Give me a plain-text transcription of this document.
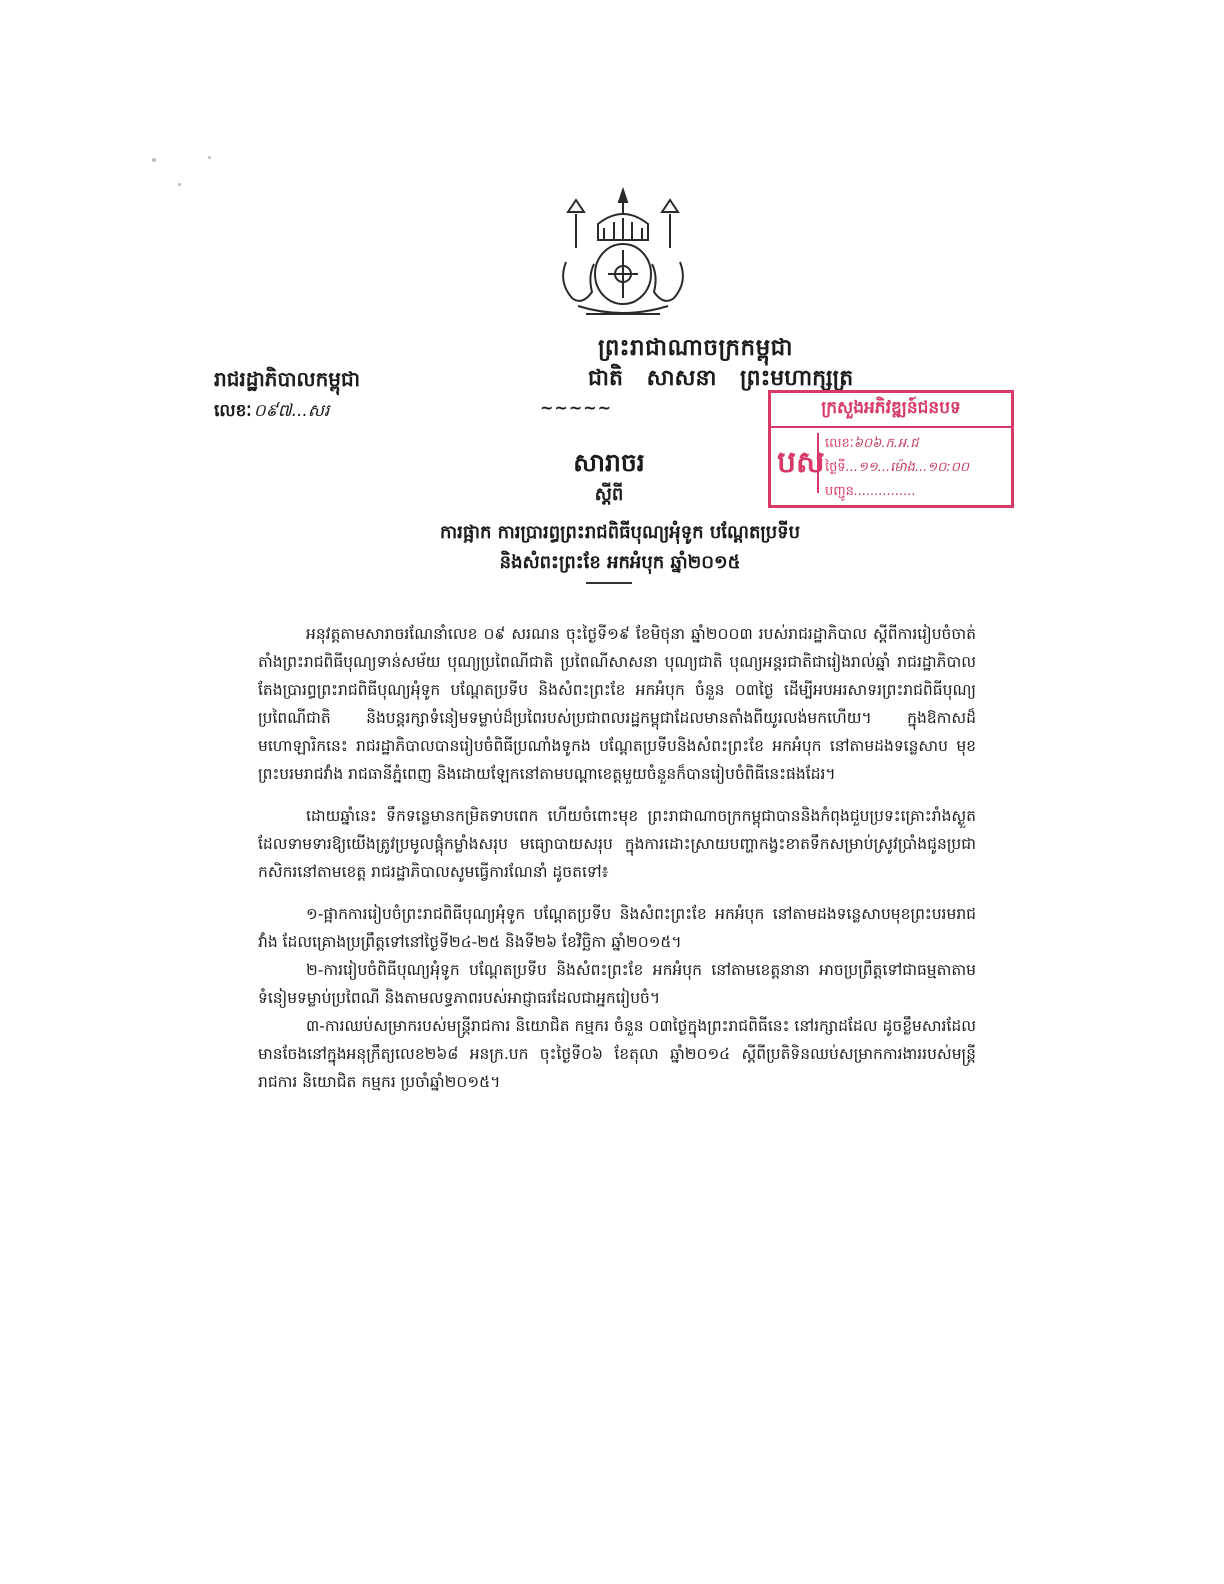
ព្រះរាជាណាចក្រកម្ពុជា
ជាតិ សាសនា ព្រះមហាក្សត្រ
~~~~~
រាជរដ្ឋាភិបាលកម្ពុជា
លេខៈ ០៩៧...សរ	ក្រសួងអភិវឌ្ឍន៍ជនបទ
បស
លេខៈ៦០៦.ក.អ.ជ
ថ្ងៃទី...១១...ម៉ោង...១០:០០
បញ្ជូន...............
សារាចរ
ស្ដីពី
ការផ្អាក ការប្រារព្ធព្រះរាជពិធីបុណ្យអុំទូក បណ្ដែតប្រទីប
និងសំពះព្រះខែ អកអំបុក ឆ្នាំ២០១៥

អនុវត្តតាមសារាចរណែនាំលេខ ០៩ សរណន ចុះថ្ងៃទី១៩ ខែមិថុនា ឆ្នាំ២០០៣ របស់រាជរដ្ឋាភិបាល ស្ដីពីការរៀបចំចាត់តាំងព្រះរាជពិធីបុណ្យទាន់សម័យ បុណ្យប្រពៃណីជាតិ ប្រពៃណីសាសនា បុណ្យជាតិ បុណ្យអន្តរជាតិជារៀងរាល់ឆ្នាំ រាជរដ្ឋាភិបាលតែងប្រារព្ធព្រះរាជពិធីបុណ្យអុំទូក បណ្ដែតប្រទីប និងសំពះព្រះខែ អកអំបុក ចំនួន ០៣ថ្ងៃ ដើម្បីអបអរសាទរព្រះរាជពិធីបុណ្យប្រពៃណីជាតិ និងបន្តរក្សាទំនៀមទម្លាប់ដ៏ប្រពៃរបស់ប្រជាពលរដ្ឋកម្ពុជាដែលមានតាំងពីយូរលង់មកហើយ។ ក្នុងឱកាសដ៏មហោឡារិកនេះ រាជរដ្ឋាភិបាលបានរៀបចំពិធីប្រណាំងទូកង បណ្ដែតប្រទីបនិងសំពះព្រះខែ អកអំបុក នៅតាមដងទន្លេសាប មុខព្រះបរមរាជវាំង រាជធានីភ្នំពេញ និងដោយឡែកនៅតាមបណ្ដាខេត្តមួយចំនួនក៏បានរៀបចំពិធីនេះផងដែរ។

ដោយឆ្នាំនេះ ទឹកទន្លេមានកម្រិតទាបពេក ហើយចំពោះមុខ ព្រះរាជាណាចក្រកម្ពុជាបាននិងកំពុងជួបប្រទះគ្រោះរាំងស្ងួត ដែលទាមទារឱ្យយើងត្រូវប្រមូលផ្ដុំកម្លាំងសរុប មធ្យោបាយសរុប ក្នុងការដោះស្រាយបញ្ហាកង្វះខាតទឹកសម្រាប់ស្រូវប្រាំងជូនប្រជាកសិករនៅតាមខេត្ត រាជរដ្ឋាភិបាលសូមធ្វើការណែនាំ ដូចតទៅ៖

១-ផ្អាកការរៀបចំព្រះរាជពិធីបុណ្យអុំទូក បណ្ដែតប្រទីប និងសំពះព្រះខែ អកអំបុក នៅតាមដងទន្លេសាបមុខព្រះបរមរាជវាំង ដែលគ្រោងប្រព្រឹត្តទៅនៅថ្ងៃទី២៤-២៥ និងទី២៦ ខែវិច្ឆិកា ឆ្នាំ២០១៥។

២-ការរៀបចំពិធីបុណ្យអុំទូក បណ្ដែតប្រទីប និងសំពះព្រះខែ អកអំបុក នៅតាមខេត្តនានា អាចប្រព្រឹត្តទៅជាធម្មតាតាមទំនៀមទម្លាប់ប្រពៃណី និងតាមលទ្ធភាពរបស់អាជ្ញាធរដែលជាអ្នករៀបចំ។

៣-ការឈប់សម្រាករបស់មន្ត្រីរាជការ និយោជិត កម្មករ ចំនួន ០៣ថ្ងៃក្នុងព្រះរាជពិធីនេះ នៅរក្សាដដែល ដូចខ្លឹមសារដែលមានចែងនៅក្នុងអនុក្រឹត្យលេខ២៦៨ អនក្រ.បក ចុះថ្ងៃទី០៦ ខែតុលា ឆ្នាំ២០១៤ ស្ដីពីប្រតិទិនឈប់សម្រាកការងាររបស់មន្ត្រីរាជការ និយោជិត កម្មករ ប្រចាំឆ្នាំ២០១៥។
